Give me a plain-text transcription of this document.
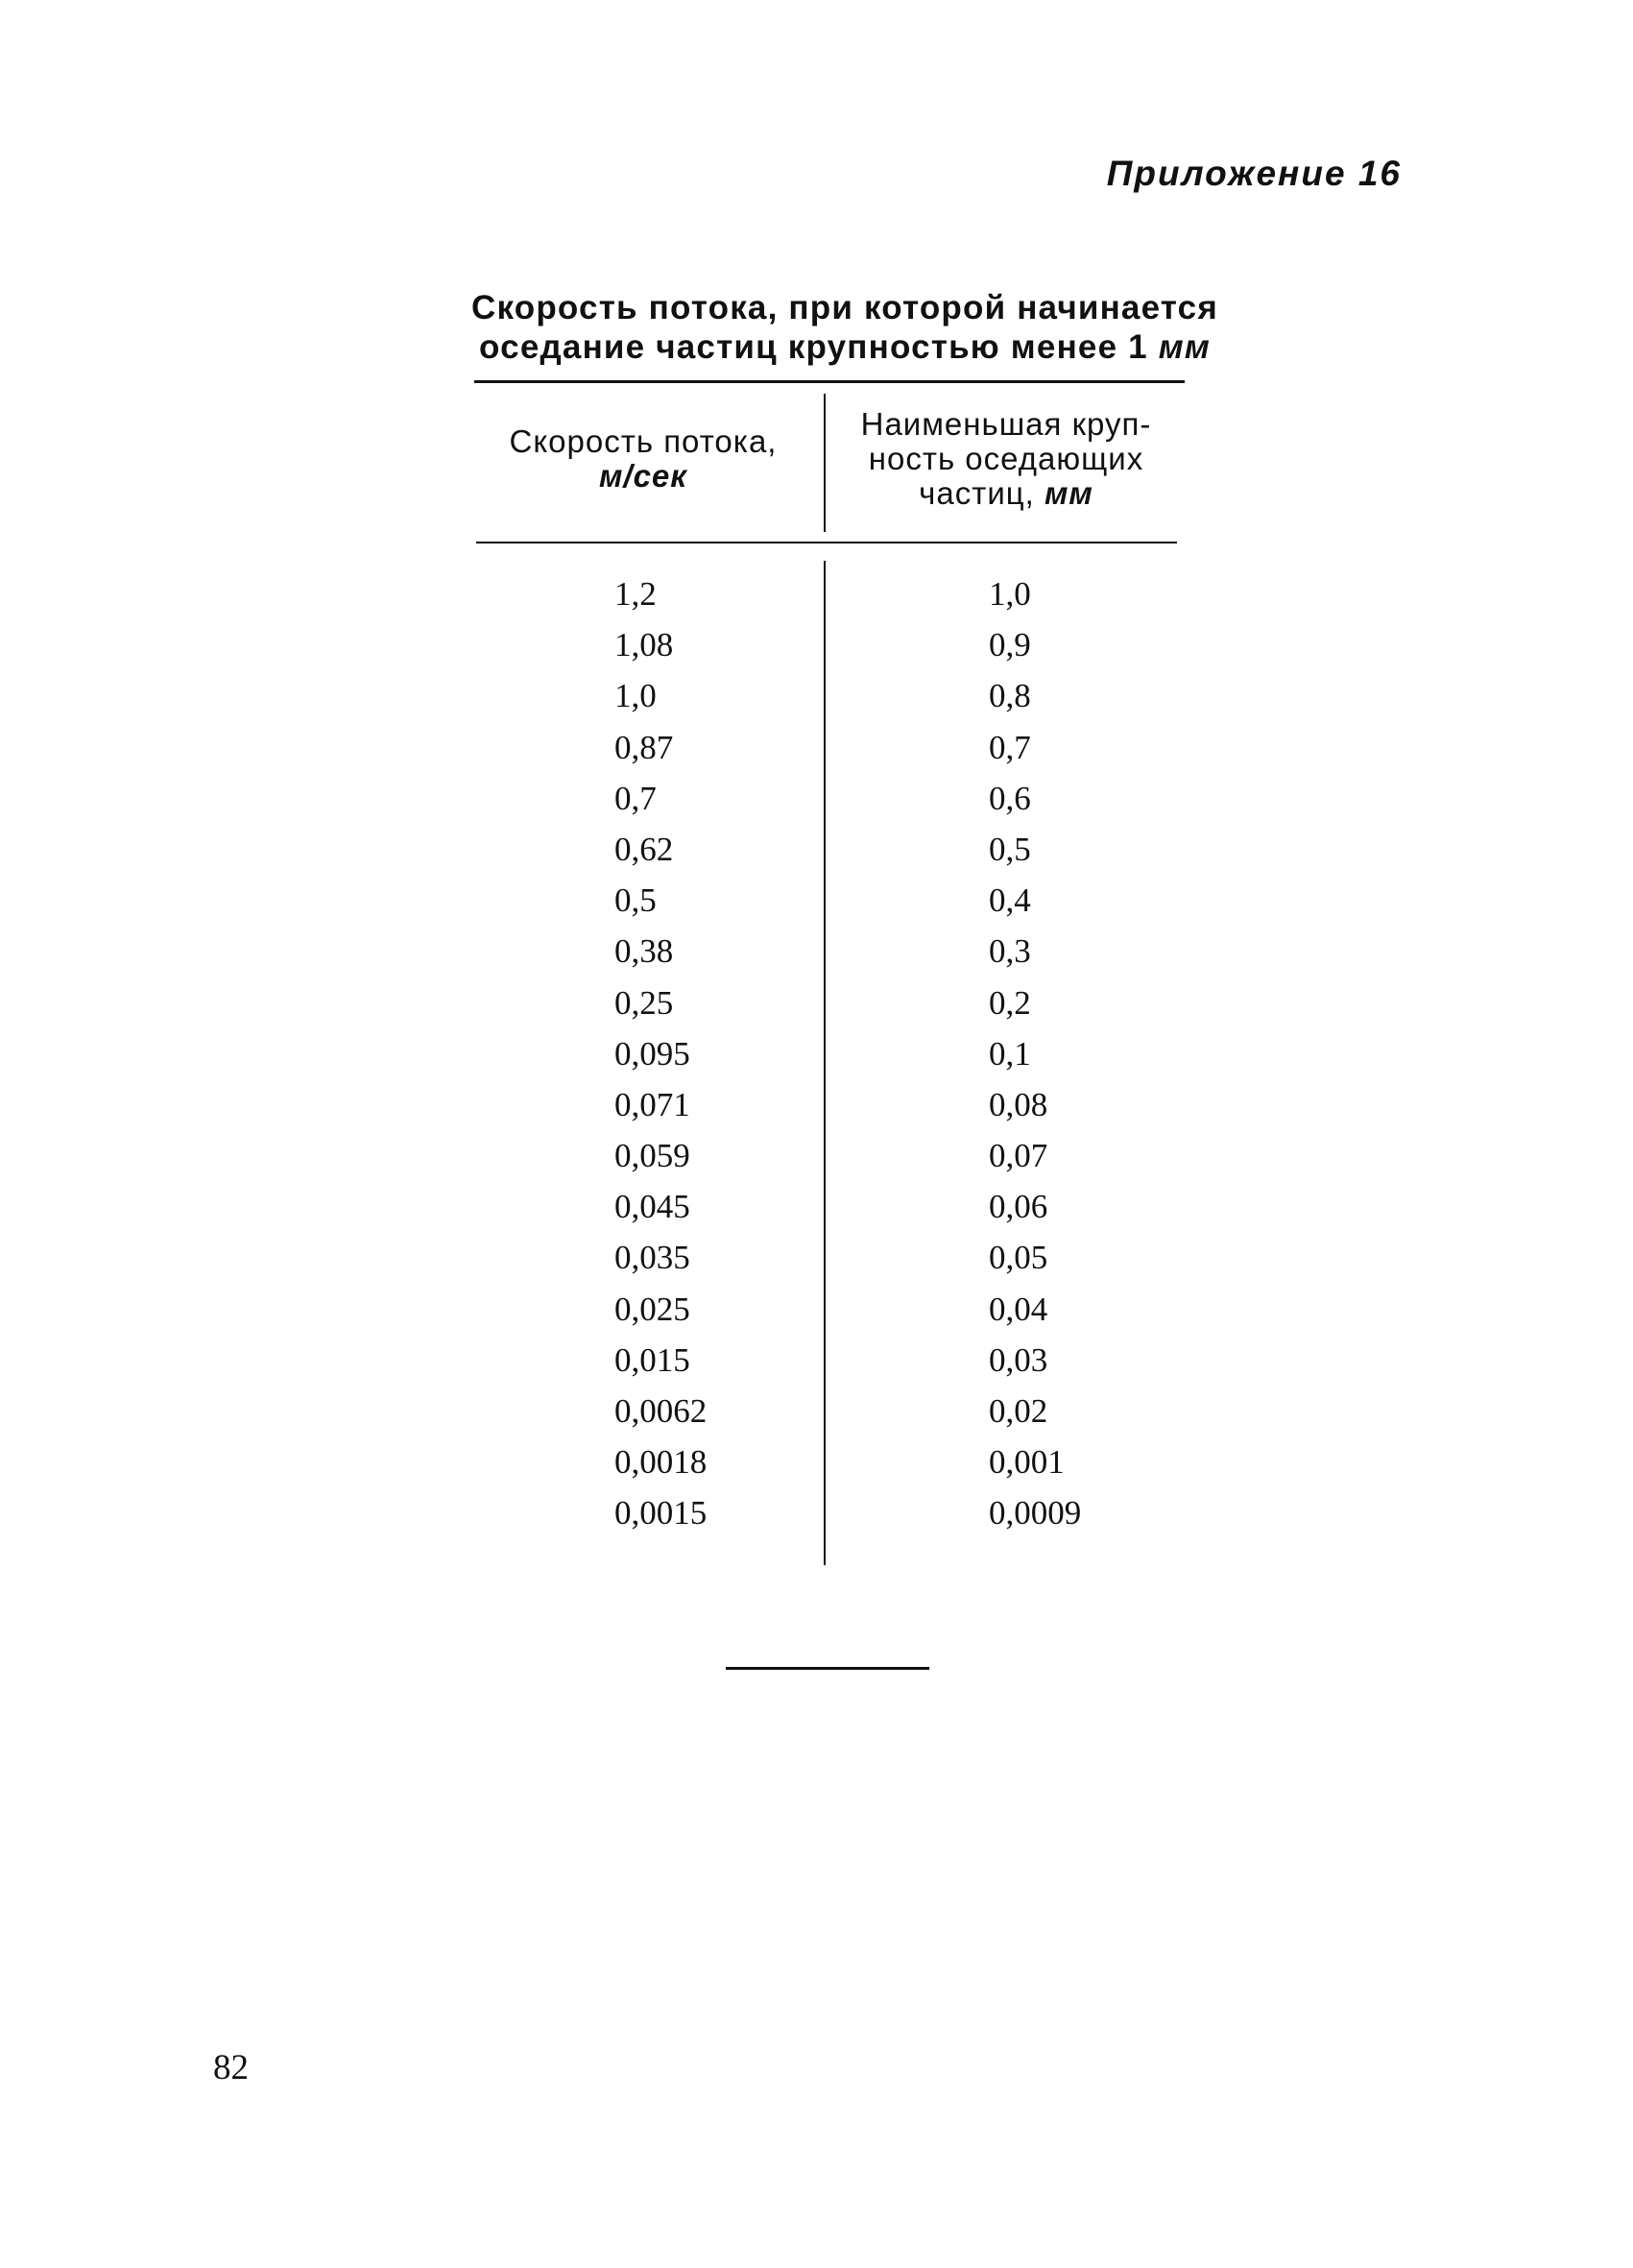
Приложение 16
Скорость потока, при которой начинается
оседание частиц крупностью менее 1 мм
Скорость потока,
м/сек
Наименьшая круп-
ность оседающих
частиц, мм
1,2
1,08
1,0
0,87
0,7
0,62
0,5
0,38
0,25
0,095
0,071
0,059
0,045
0,035
0,025
0,015
0,0062
0,0018
0,0015
1,0
0,9
0,8
0,7
0,6
0,5
0,4
0,3
0,2
0,1
0,08
0,07
0,06
0,05
0,04
0,03
0,02
0,001
0,0009
82
